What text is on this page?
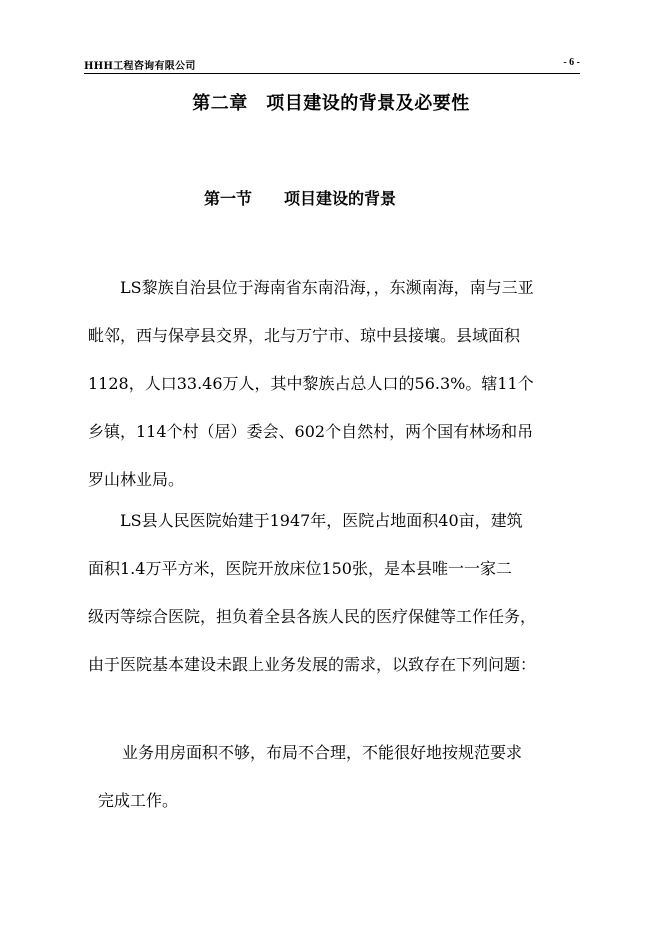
HHH工程咨询有限公司	- 6 -
第二章　项目建设的背景及必要性
第一节　　项目建设的背景
LS黎族自治县位于海南省东南沿海，，东濒南海，南与三亚
毗邻，西与保亭县交界，北与万宁市、琼中县接壤。县域面积
1128，人口33.46万人，其中黎族占总人口的56.3%。辖11个
乡镇，114个村（居）委会、602个自然村，两个国有林场和吊
罗山林业局。
LS县人民医院始建于1947年，医院占地面积40亩，建筑
面积1.4万平方米，医院开放床位150张，是本县唯一一家二
级丙等综合医院，担负着全县各族人民的医疗保健等工作任务，
由于医院基本建设未跟上业务发展的需求，以致存在下列问题：
业务用房面积不够，布局不合理，不能很好地按规范要求
完成工作。
